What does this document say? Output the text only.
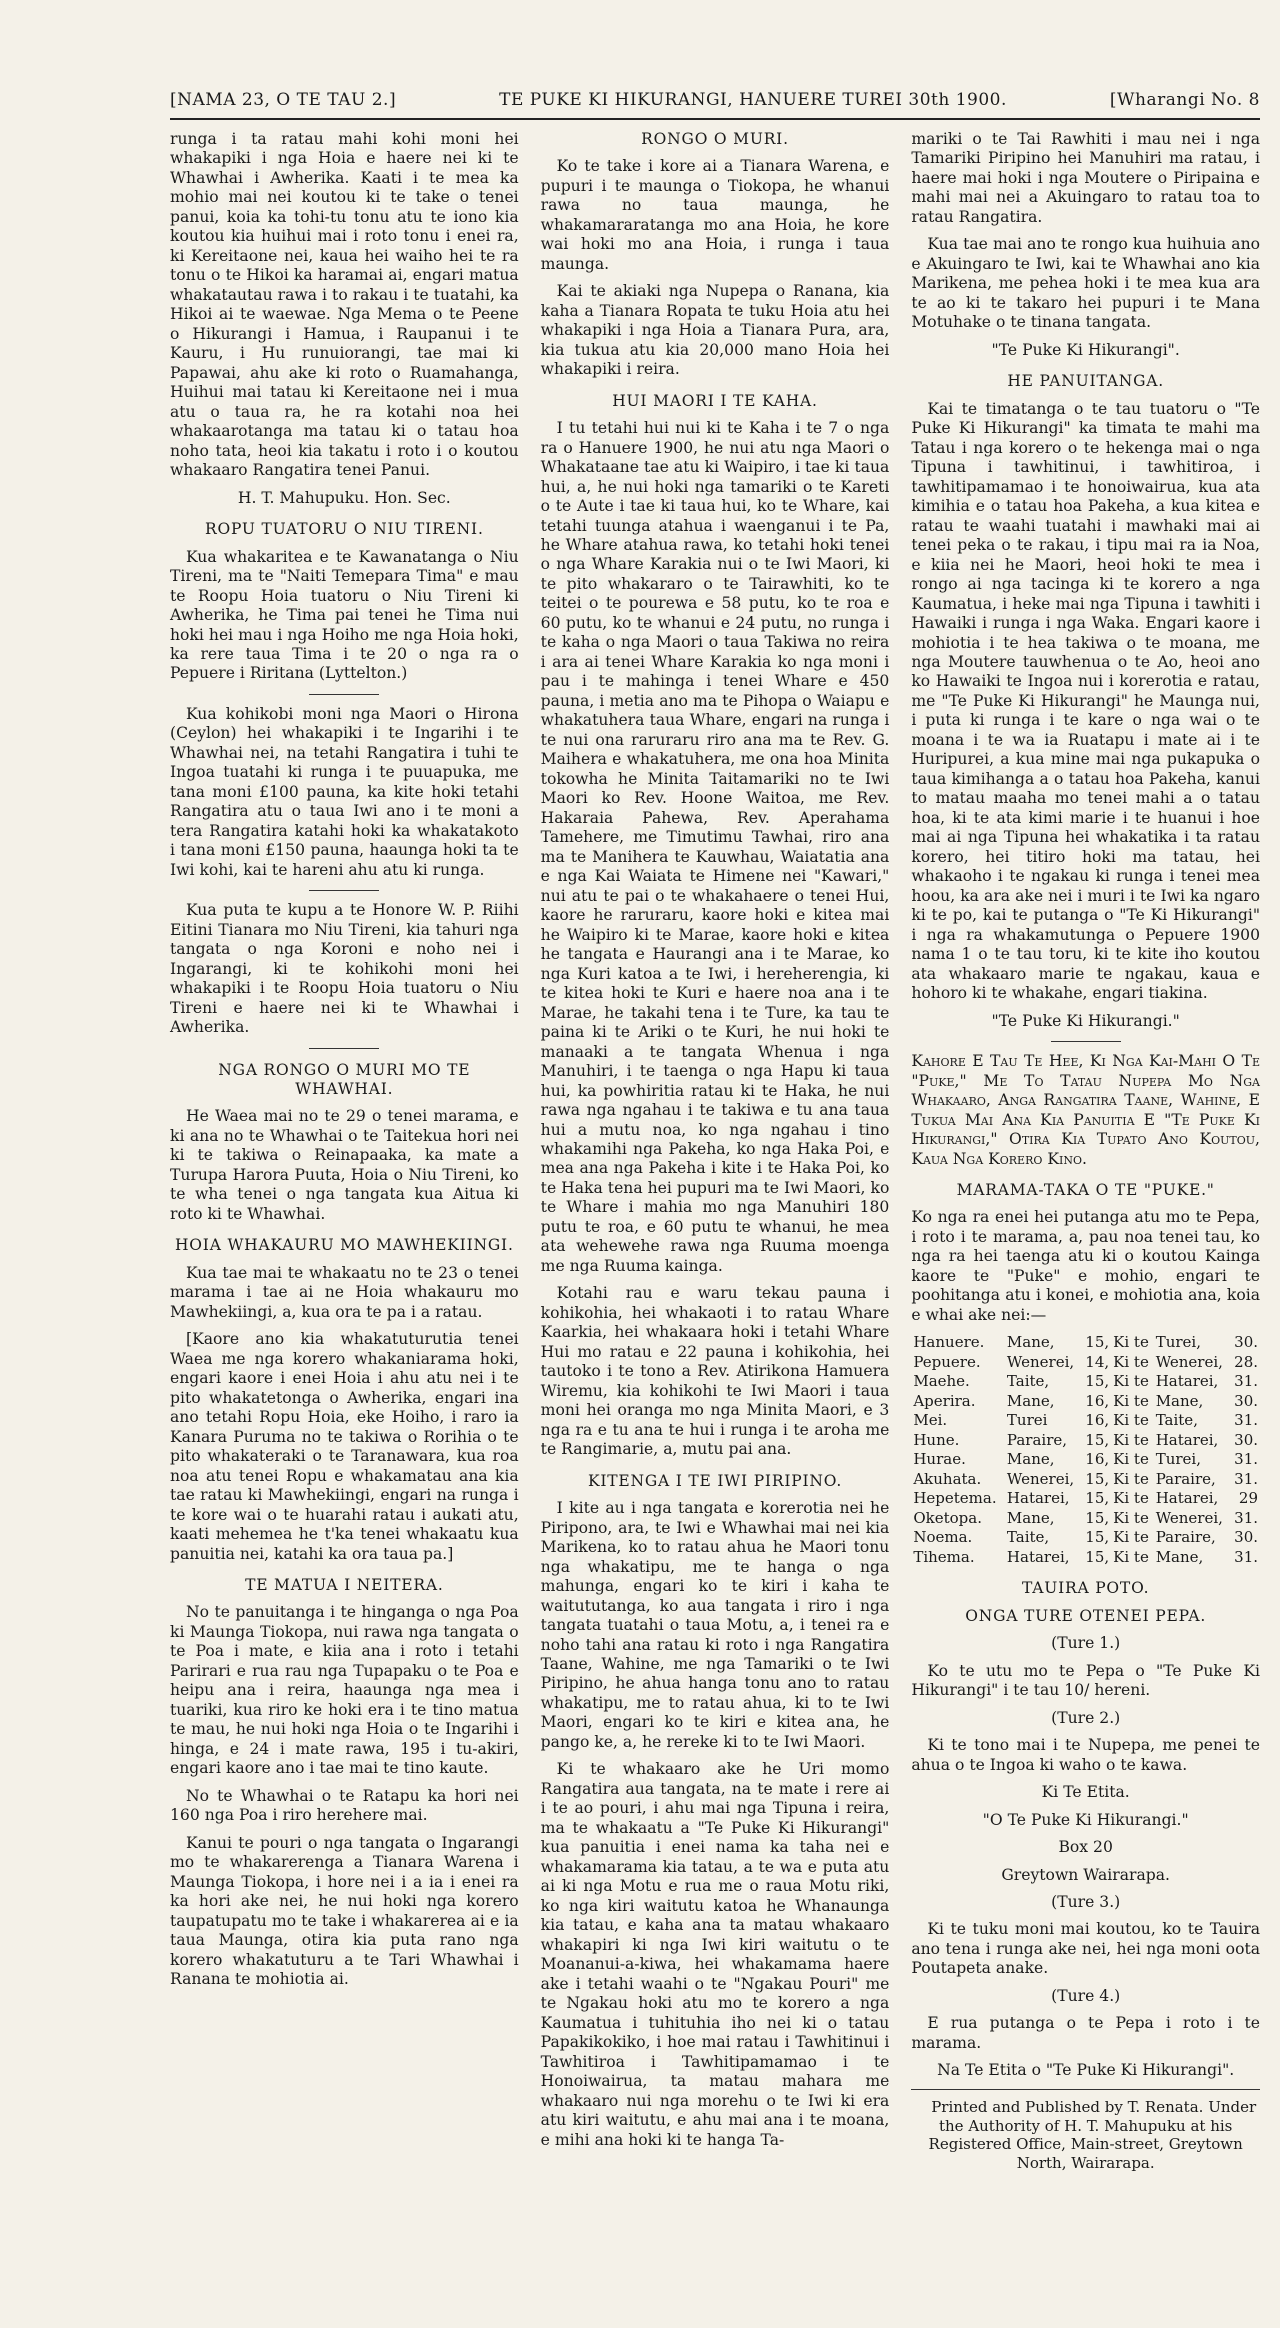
[NAMA 23, O TE TAU 2.]	TE PUKE KI HIKURANGI, HANUERE TUREI 30th 1900.	[Wharangi No. 8

runga i ta ratau mahi kohi moni hei whakapiki i nga Hoia e haere nei ki te Whawhai i Awherika. Kaati i te mea ka mohio mai nei koutou ki te take o tenei panui, koia ka tohi-tu tonu atu te iono kia koutou kia huihui mai i roto tonu i enei ra, ki Kereitaone nei, kaua hei waiho hei te ra tonu o te Hikoi ka haramai ai, engari matua whakatautau rawa i to rakau i te tuatahi, ka Hikoi ai te waewae. Nga Mema o te Peene o Hikurangi i Hamua, i Raupanui i te Kauru, i Hu runuiorangi, tae mai ki Papawai, ahu ake ki roto o Ruamahanga, Huihui mai tatau ki Kereitaone nei i mua atu o taua ra, he ra kotahi noa hei whakaarotanga ma tatau ki o tatau hoa noho tata, heoi kia takatu i roto i o koutou whakaaro Rangatira tenei Panui.

H. T. Mahupuku. Hon. Sec.
ROPU TUATORU O NIU TIRENI.

Kua whakaritea e te Kawanatanga o Niu Tireni, ma te "Naiti Temepara Tima" e mau te Roopu Hoia tuatoru o Niu Tireni ki Awherika, he Tima pai tenei he Tima nui hoki hei mau i nga Hoiho me nga Hoia hoki, ka rere taua Tima i te 20 o nga ra o Pepuere i Riritana (Lyttelton.)

Kua kohikobi moni nga Maori o Hirona (Ceylon) hei whakapiki i te Ingarihi i te Whawhai nei, na tetahi Rangatira i tuhi te Ingoa tuatahi ki runga i te puuapuka, me tana moni £100 pauna, ka kite hoki tetahi Rangatira atu o taua Iwi ano i te moni a tera Rangatira katahi hoki ka whakatakoto i tana moni £150 pauna, haaunga hoki ta te Iwi kohi, kai te hareni ahu atu ki runga.

Kua puta te kupu a te Honore W. P. Riihi Eitini Tianara mo Niu Tireni, kia tahuri nga tangata o nga Koroni e noho nei i Ingarangi, ki te kohikohi moni hei whakapiki i te Roopu Hoia tuatoru o Niu Tireni e haere nei ki te Whawhai i Awherika.

NGA RONGO O MURI MO TE WHAWHAI.

He Waea mai no te 29 o tenei marama, e ki ana no te Whawhai o te Taitekua hori nei ki te takiwa o Reinapaaka, ka mate a Turupa Harora Puuta, Hoia o Niu Tireni, ko te wha tenei o nga tangata kua Aitua ki roto ki te Whawhai.

HOIA WHAKAURU MO MAWHEKIINGI.

Kua tae mai te whakaatu no te 23 o tenei marama i tae ai ne Hoia whakauru mo Mawhekiingi, a, kua ora te pa i a ratau.

[Kaore ano kia whakatuturutia tenei Waea me nga korero whakaniarama hoki, engari kaore i enei Hoia i ahu atu nei i te pito whakatetonga o Awherika, engari ina ano tetahi Ropu Hoia, eke Hoiho, i raro ia Kanara Puruma no te takiwa o Rorihia o te pito whakateraki o te Taranawara, kua roa noa atu tenei Ropu e whakamatau ana kia tae ratau ki Mawhekiingi, engari na runga i te kore wai o te huarahi ratau i aukati atu, kaati mehemea he t'ka tenei whakaatu kua panuitia nei, katahi ka ora taua pa.]

TE MATUA I NEITERA.

No te panuitanga i te hinganga o nga Poa ki Maunga Tiokopa, nui rawa nga tangata o te Poa i mate, e kiia ana i roto i tetahi Parirari e rua rau nga Tupapaku o te Poa e heipu ana i reira, haaunga nga mea i tuariki, kua riro ke hoki era i te tino matua te mau, he nui hoki nga Hoia o te Ingarihi i hinga, e 24 i mate rawa, 195 i tu-akiri, engari kaore ano i tae mai te tino kaute.

No te Whawhai o te Ratapu ka hori nei 160 nga Poa i riro herehere mai.

Kanui te pouri o nga tangata o Ingarangi mo te whakarerenga a Tianara Warena i Maunga Tiokopa, i hore nei i a ia i enei ra ka hori ake nei, he nui hoki nga korero taupatupatu mo te take i whakarerea ai e ia taua Maunga, otira kia puta rano nga korero whakatuturu a te Tari Whawhai i Ranana te mohiotia ai.

RONGO O MURI.

Ko te take i kore ai a Tianara Warena, e pupuri i te maunga o Tiokopa, he whanui rawa no taua maunga, he whakamararatanga mo ana Hoia, he kore wai hoki mo ana Hoia, i runga i taua maunga.

Kai te akiaki nga Nupepa o Ranana, kia kaha a Tianara Ropata te tuku Hoia atu hei whakapiki i nga Hoia a Tianara Pura, ara, kia tukua atu kia 20,000 mano Hoia hei whakapiki i reira.

HUI MAORI I TE KAHA.

I tu tetahi hui nui ki te Kaha i te 7 o nga ra o Hanuere 1900, he nui atu nga Maori o Whakataane tae atu ki Waipiro, i tae ki taua hui, a, he nui hoki nga tamariki o te Kareti o te Aute i tae ki taua hui, ko te Whare, kai tetahi tuunga atahua i waenganui i te Pa, he Whare atahua rawa, ko tetahi hoki tenei o nga Whare Karakia nui o te Iwi Maori, ki te pito whakararo o te Tairawhiti, ko te teitei o te pourewa e 58 putu, ko te roa e 60 putu, ko te whanui e 24 putu, no runga i te kaha o nga Maori o taua Takiwa no reira i ara ai tenei Whare Karakia ko nga moni i pau i te mahinga i tenei Whare e 450 pauna, i metia ano ma te Pihopa o Waiapu e whakatuhera taua Whare, engari na runga i te nui ona raruraru riro ana ma te Rev. G. Maihera e whakatuhera, me ona hoa Minita tokowha he Minita Taitamariki no te Iwi Maori ko Rev. Hoone Waitoa, me Rev. Hakaraia Pahewa, Rev. Aperahama Tamehere, me Timutimu Tawhai, riro ana ma te Manihera te Kauwhau, Waiatatia ana e nga Kai Waiata te Himene nei "Kawari," nui atu te pai o te whakahaere o tenei Hui, kaore he raruraru, kaore hoki e kitea mai he Waipiro ki te Marae, kaore hoki e kitea he tangata e Haurangi ana i te Marae, ko nga Kuri katoa a te Iwi, i hereherengia, ki te kitea hoki te Kuri e haere noa ana i te Marae, he takahi tena i te Ture, ka tau te paina ki te Ariki o te Kuri, he nui hoki te manaaki a te tangata Whenua i nga Manuhiri, i te taenga o nga Hapu ki taua hui, ka powhiritia ratau ki te Haka, he nui rawa nga ngahau i te takiwa e tu ana taua hui a mutu noa, ko nga ngahau i tino whakamihi nga Pakeha, ko nga Haka Poi, e mea ana nga Pakeha i kite i te Haka Poi, ko te Haka tena hei pupuri ma te Iwi Maori, ko te Whare i mahia mo nga Manuhiri 180 putu te roa, e 60 putu te whanui, he mea ata wehewehe rawa nga Ruuma moenga me nga Ruuma kainga.

Kotahi rau e waru tekau pauna i kohikohia, hei whakaoti i to ratau Whare Kaarkia, hei whakaara hoki i tetahi Whare Hui mo ratau e 22 pauna i kohikohia, hei tautoko i te tono a Rev. Atirikona Hamuera Wiremu, kia kohikohi te Iwi Maori i taua moni hei oranga mo nga Minita Maori, e 3 nga ra e tu ana te hui i runga i te aroha me te Rangimarie, a, mutu pai ana.

KITENGA I TE IWI PIRIPINO.

I kite au i nga tangata e korerotia nei he Piripono, ara, te Iwi e Whawhai mai nei kia Marikena, ko to ratau ahua he Maori tonu nga whakatipu, me te hanga o nga mahunga, engari ko te kiri i kaha te waitututanga, ko aua tangata i riro i nga tangata tuatahi o taua Motu, a, i tenei ra e noho tahi ana ratau ki roto i nga Rangatira Taane, Wahine, me nga Tamariki o te Iwi Piripino, he ahua hanga tonu ano to ratau whakatipu, me to ratau ahua, ki to te Iwi Maori, engari ko te kiri e kitea ana, he pango ke, a, he rereke ki to te Iwi Maori.

Ki te whakaaro ake he Uri momo Rangatira aua tangata, na te mate i rere ai i te ao pouri, i ahu mai nga Tipuna i reira, ma te whakaatu a "Te Puke Ki Hikurangi" kua panuitia i enei nama ka taha nei e whakamarama kia tatau, a te wa e puta atu ai ki nga Motu e rua me o raua Motu riki, ko nga kiri waitutu katoa he Whanaunga kia tatau, e kaha ana ta matau whakaaro whakapiri ki nga Iwi kiri waitutu o te Moananui-a-kiwa, hei whakamama haere ake i tetahi waahi o te "Ngakau Pouri" me te Ngakau hoki atu mo te korero a nga Kaumatua i tuhituhia iho nei ki o tatau Papakikokiko, i hoe mai ratau i Tawhitinui i Tawhitiroa i Tawhitipamamao i te Honoiwairua, ta matau mahara me whakaaro nui nga morehu o te Iwi ki era atu kiri waitutu, e ahu mai ana i te moana, e mihi ana hoki ki te hanga Ta-

mariki o te Tai Rawhiti i mau nei i nga Tamariki Piripino hei Manuhiri ma ratau, i haere mai hoki i nga Moutere o Piripaina e mahi mai nei a Akuingaro to ratau toa to ratau Rangatira.

Kua tae mai ano te rongo kua huihuia ano e Akuingaro te Iwi, kai te Whawhai ano kia Marikena, me pehea hoki i te mea kua ara te ao ki te takaro hei pupuri i te Mana Motuhake o te tinana tangata.

"Te Puke Ki Hikurangi".
HE PANUITANGA.

Kai te timatanga o te tau tuatoru o "Te Puke Ki Hikurangi" ka timata te mahi ma Tatau i nga korero o te hekenga mai o nga Tipuna i tawhitinui, i tawhitiroa, i tawhitipamamao i te honoiwairua, kua ata kimihia e o tatau hoa Pakeha, a kua kitea e ratau te waahi tuatahi i mawhaki mai ai tenei peka o te rakau, i tipu mai ra ia Noa, e kiia nei he Maori, heoi hoki te mea i rongo ai nga tacinga ki te korero a nga Kaumatua, i heke mai nga Tipuna i tawhiti i Hawaiki i runga i nga Waka. Engari kaore i mohiotia i te hea takiwa o te moana, me nga Moutere tauwhenua o te Ao, heoi ano ko Hawaiki te Ingoa nui i korerotia e ratau, me "Te Puke Ki Hikurangi" he Maunga nui, i puta ki runga i te kare o nga wai o te moana i te wa ia Ruatapu i mate ai i te Huripurei, a kua mine mai nga pukapuka o taua kimihanga a o tatau hoa Pakeha, kanui to matau maaha mo tenei mahi a o tatau hoa, ki te ata kimi marie i te huanui i hoe mai ai nga Tipuna hei whakatika i ta ratau korero, hei titiro hoki ma tatau, hei whakaoho i te ngakau ki runga i tenei mea hoou, ka ara ake nei i muri i te Iwi ka ngaro ki te po, kai te putanga o "Te Ki Hikurangi" i nga ra whakamutunga o Pepuere 1900 nama 1 o te tau toru, ki te kite iho koutou ata whakaaro marie te ngakau, kaua e hohoro ki te whakahe, engari tiakina.

"Te Puke Ki Hikurangi."

Kahore E Tau Te Hee, Ki Nga Kai-Mahi O Te "Puke," Me To Tatau Nupepa Mo Nga Whakaaro, Anga Rangatira Taane, Wahine, E Tukua Mai Ana Kia Panuitia E "Te Puke Ki Hikurangi," Otira Kia Tupato Ano Koutou, Kaua Nga Korero Kino.

MARAMA-TAKA O TE "PUKE."

Ko nga ra enei hei putanga atu mo te Pepa, i roto i te marama, a, pau noa tenei tau, ko nga ra hei taenga atu ki o koutou Kainga kaore te "Puke" e mohio, engari te poohitanga atu i konei, e mohiotia ana, koia e whai ake nei:—

Hanuere.	Mane,	15,	Ki te	Turei,	30.
Pepuere.	Wenerei,	14,	Ki te	Wenerei,	28.
Maehe.	Taite,	15,	Ki te	Hatarei,	31.
Aperira.	Mane,	16,	Ki te	Mane,	30.
Mei.	Turei	16,	Ki te	Taite,	31.
Hune.	Paraire,	15,	Ki te	Hatarei,	30.
Hurae.	Mane,	16,	Ki te	Turei,	31.
Akuhata.	Wenerei,	15,	Ki te	Paraire,	31.
Hepetema.	Hatarei,	15,	Ki te	Hatarei,	29
Oketopa.	Mane,	15,	Ki te	Wenerei,	31.
Noema.	Taite,	15,	Ki te	Paraire,	30.
Tihema.	Hatarei,	15,	Ki te	Mane,	31.
TAUIRA POTO.
ONGA TURE OTENEI PEPA.

(Ture 1.)

Ko te utu mo te Pepa o "Te Puke Ki Hikurangi" i te tau 10/ hereni.

(Ture 2.)

Ki te tono mai i te Nupepa, me penei te ahua o te Ingoa ki waho o te kawa.

Ki Te Etita.

"O Te Puke Ki Hikurangi."

Box 20

Greytown Wairarapa.

(Ture 3.)

Ki te tuku moni mai koutou, ko te Tauira ano tena i runga ake nei, hei nga moni oota Poutapeta anake.

(Ture 4.)

E rua putanga o te Pepa i roto i te marama.

Na Te Etita o "Te Puke Ki Hikurangi".

Printed and Published by T. Renata. Under the Authority of H. T. Mahupuku at his Registered Office, Main-street, Greytown North, Wairarapa.
